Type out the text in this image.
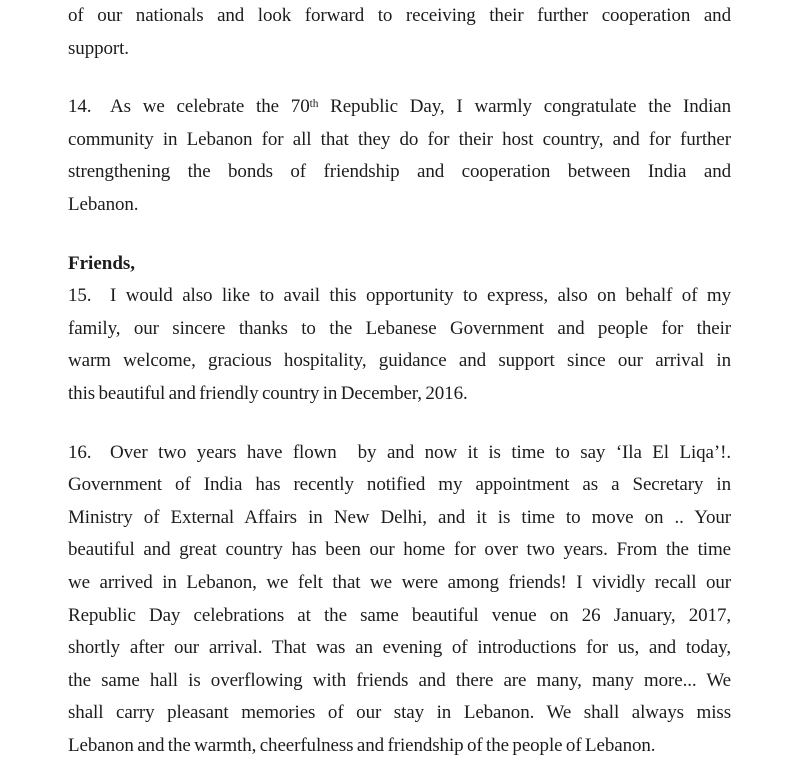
of our nationals and look forward to receiving their further cooperation and
support.
14. As we celebrate the 70th Republic Day, I warmly congratulate the Indian
community in Lebanon for all that they do for their host country, and for further
strengthening the bonds of friendship and cooperation between India and
Lebanon.
Friends,
15. I would also like to avail this opportunity to express, also on behalf of my
family, our sincere thanks to the Lebanese Government and people for their
warm welcome, gracious hospitality, guidance and support since our arrival in
this beautiful and friendly country in December, 2016.
16. Over two years have flown  by and now it is time to say ‘Ila El Liqa’!.
Government of India has recently notified my appointment as a Secretary in
Ministry of External Affairs in New Delhi, and it is time to move on .. Your
beautiful and great country has been our home for over two years. From the time
we arrived in Lebanon, we felt that we were among friends! I vividly recall our
Republic Day celebrations at the same beautiful venue on 26 January, 2017,
shortly after our arrival. That was an evening of introductions for us, and today,
the same hall is overflowing with friends and there are many, many more... We
shall carry pleasant memories of our stay in Lebanon. We shall always miss
Lebanon and the warmth, cheerfulness and friendship of the people of Lebanon.
